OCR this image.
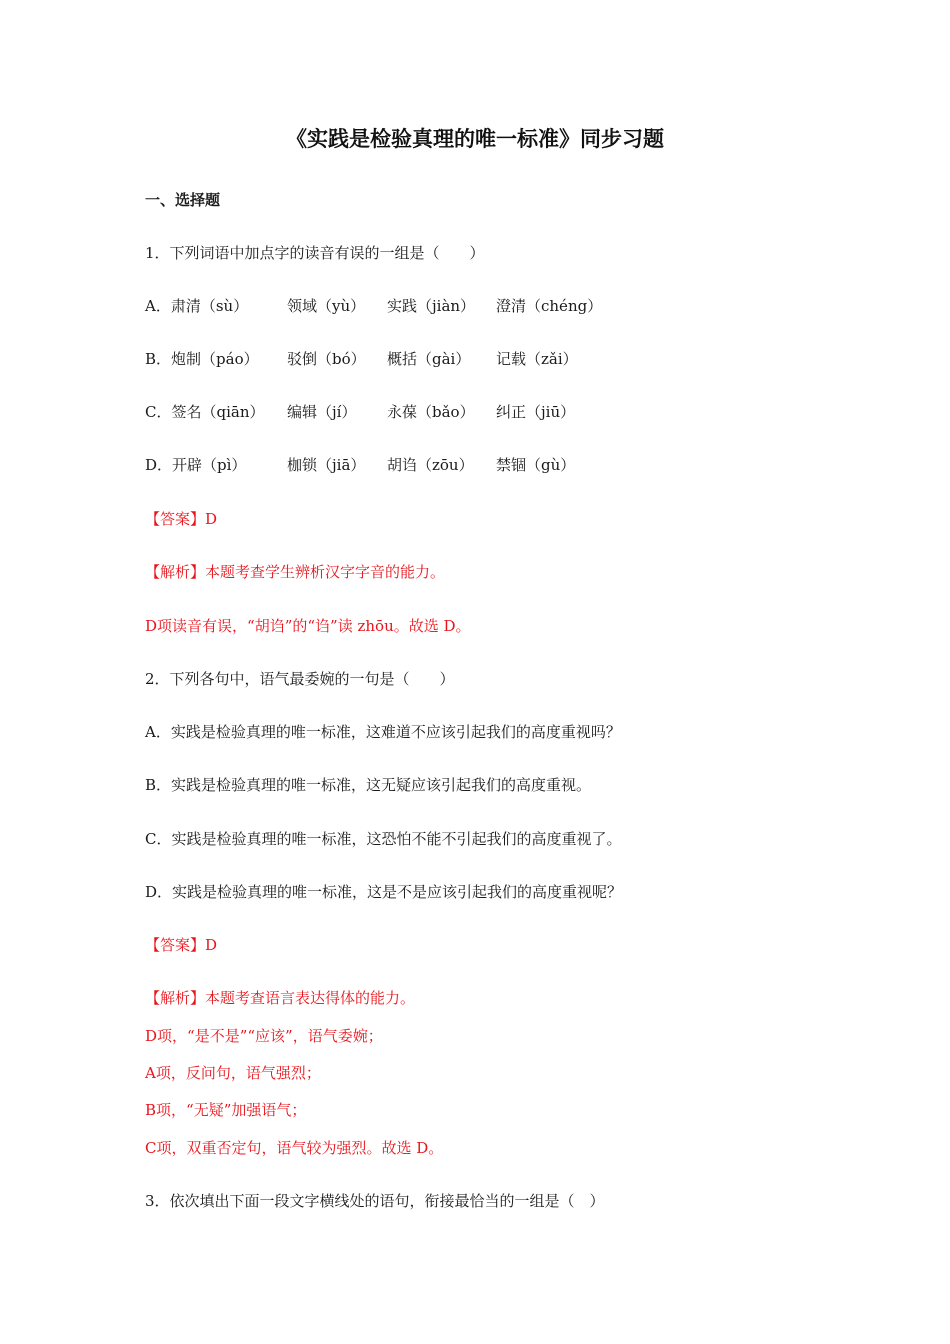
《实践是检验真理的唯一标准》同步习题
一、选择题
1．下列词语中加点字的读音有误的一组是（　　）
A．肃清（sù）	领域（yù） 实践（jiàn） 澄清（chéng）
B．炮制（páo） 驳倒（bó） 概括（gài） 记载（zǎi）
C．签名（qiān） 编辑（jí） 永葆（bǎo） 纠正（jiū）
D．开辟（pì）	枷锁（jiā） 胡诌（zōu） 禁锢（gù）
【答案】D
【解析】本题考查学生辨析汉字字音的能力。
D项读音有误，“胡诌”的“诌”读 zhōu。故选 D。
2．下列各句中，语气最委婉的一句是（　　）
A．实践是检验真理的唯一标准，这难道不应该引起我们的高度重视吗？
B．实践是检验真理的唯一标准，这无疑应该引起我们的高度重视。
C．实践是检验真理的唯一标准，这恐怕不能不引起我们的高度重视了。
D．实践是检验真理的唯一标准，这是不是应该引起我们的高度重视呢？
【答案】D
【解析】本题考查语言表达得体的能力。
D项，“是不是”“应该”，语气委婉；
A项，反问句，语气强烈；
B项，“无疑”加强语气；
C项，双重否定句，语气较为强烈。故选 D。
3．依次填出下面一段文字横线处的语句，衔接最恰当的一组是（　）
